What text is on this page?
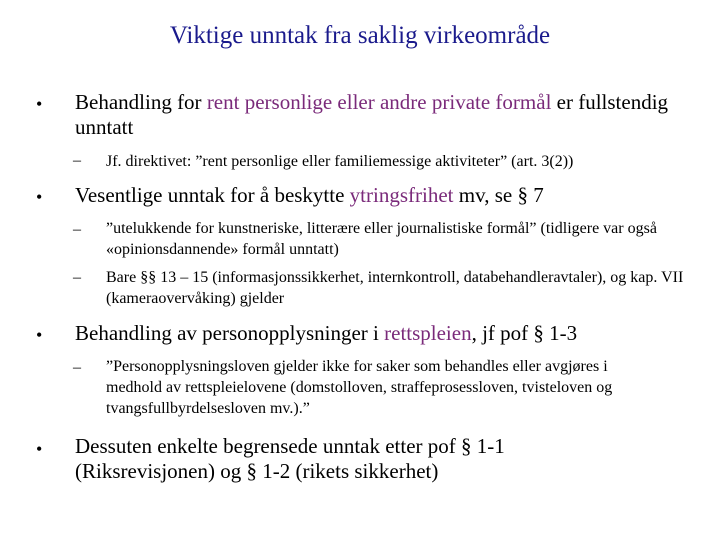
Viktige unntak fra saklig virkeområde
• Behandling for rent personlige eller andre private formål er fullstendig unntatt
– Jf. direktivet: ”rent personlige eller familiemessige aktiviteter” (art. 3(2))
• Vesentlige unntak for å beskytte ytringsfrihet mv, se § 7
– ”utelukkende for kunstneriske, litterære eller journalistiske formål” (tidligere var også «opinionsdannende» formål unntatt)
– Bare §§ 13 – 15 (informasjonssikkerhet, internkontroll, databehandleravtaler), og kap. VII (kameraovervåking) gjelder
• Behandling av personopplysninger i rettspleien, jf pof § 1-3
– ”Personopplysningsloven gjelder ikke for saker som behandles eller avgjøres i medhold av rettspleielovene (domstolloven, straffeprosessloven, tvisteloven og tvangsfullbyrdelsesloven mv.).”
• Dessuten enkelte begrensede unntak etter pof § 1-1 (Riksrevisjonen) og § 1-2 (rikets sikkerhet)
